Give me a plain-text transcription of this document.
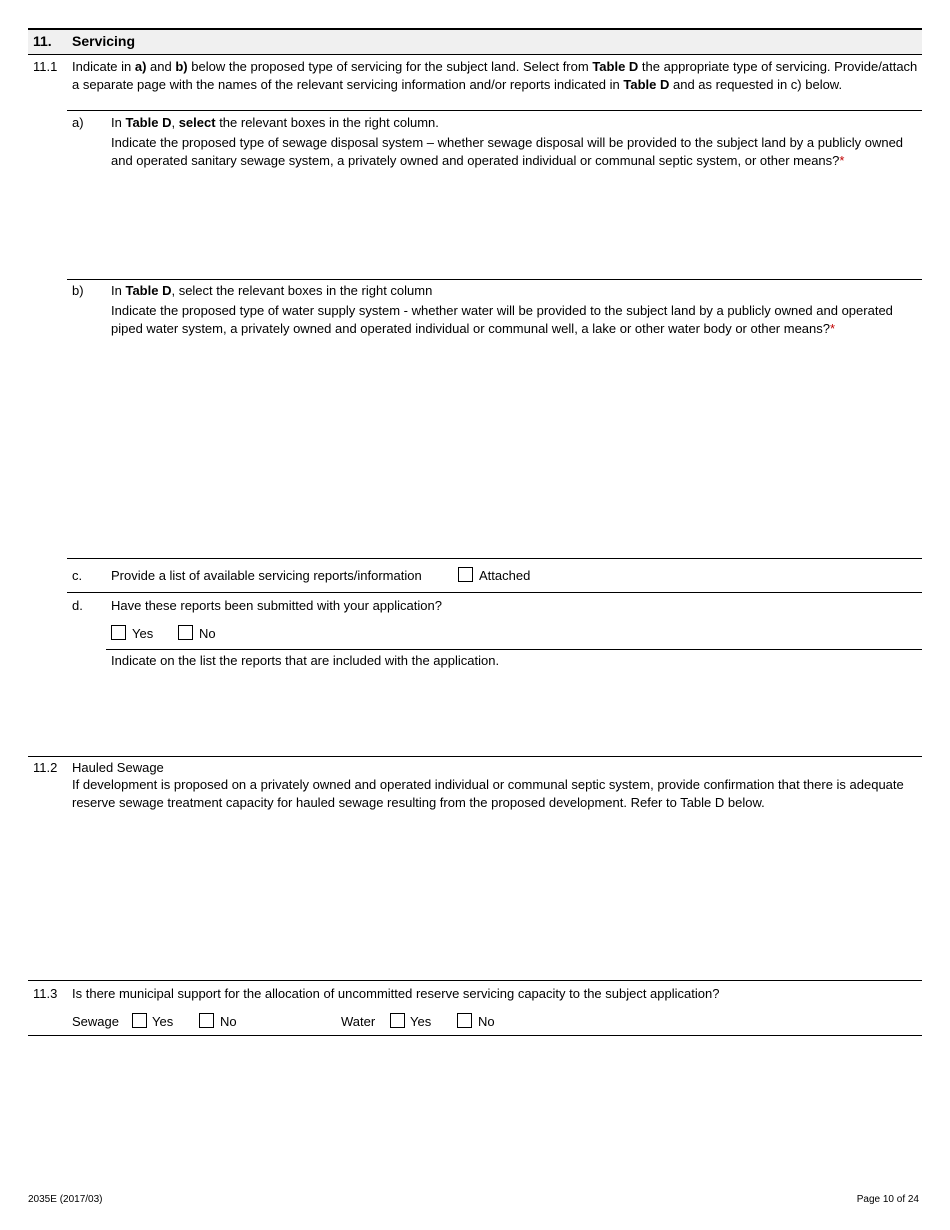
11. Servicing
11.1 Indicate in a) and b) below the proposed type of servicing for the subject land. Select from Table D the appropriate type of servicing. Provide/attach a separate page with the names of the relevant servicing information and/or reports indicated in Table D and as requested in c) below.
a) In Table D, select the relevant boxes in the right column.
Indicate the proposed type of sewage disposal system – whether sewage disposal will be provided to the subject land by a publicly owned and operated sanitary sewage system, a privately owned and operated individual or communal septic system, or other means?*
b) In Table D, select the relevant boxes in the right column
Indicate the proposed type of water supply system - whether water will be provided to the subject land by a publicly owned and operated piped water system, a privately owned and operated individual or communal well, a lake or other water body or other means?*
c. Provide a list of available servicing reports/information	Attached
d. Have these reports been submitted with your application?
Yes	No
Indicate on the list the reports that are included with the application.
11.2 Hauled Sewage
If development is proposed on a privately owned and operated individual or communal septic system, provide confirmation that there is adequate reserve sewage treatment capacity for hauled sewage resulting from the proposed development. Refer to Table D below.
11.3 Is there municipal support for the allocation of uncommitted reserve servicing capacity to the subject application?
Sewage	Yes	No	Water	Yes	No
2035E (2017/03)	Page 10 of 24
